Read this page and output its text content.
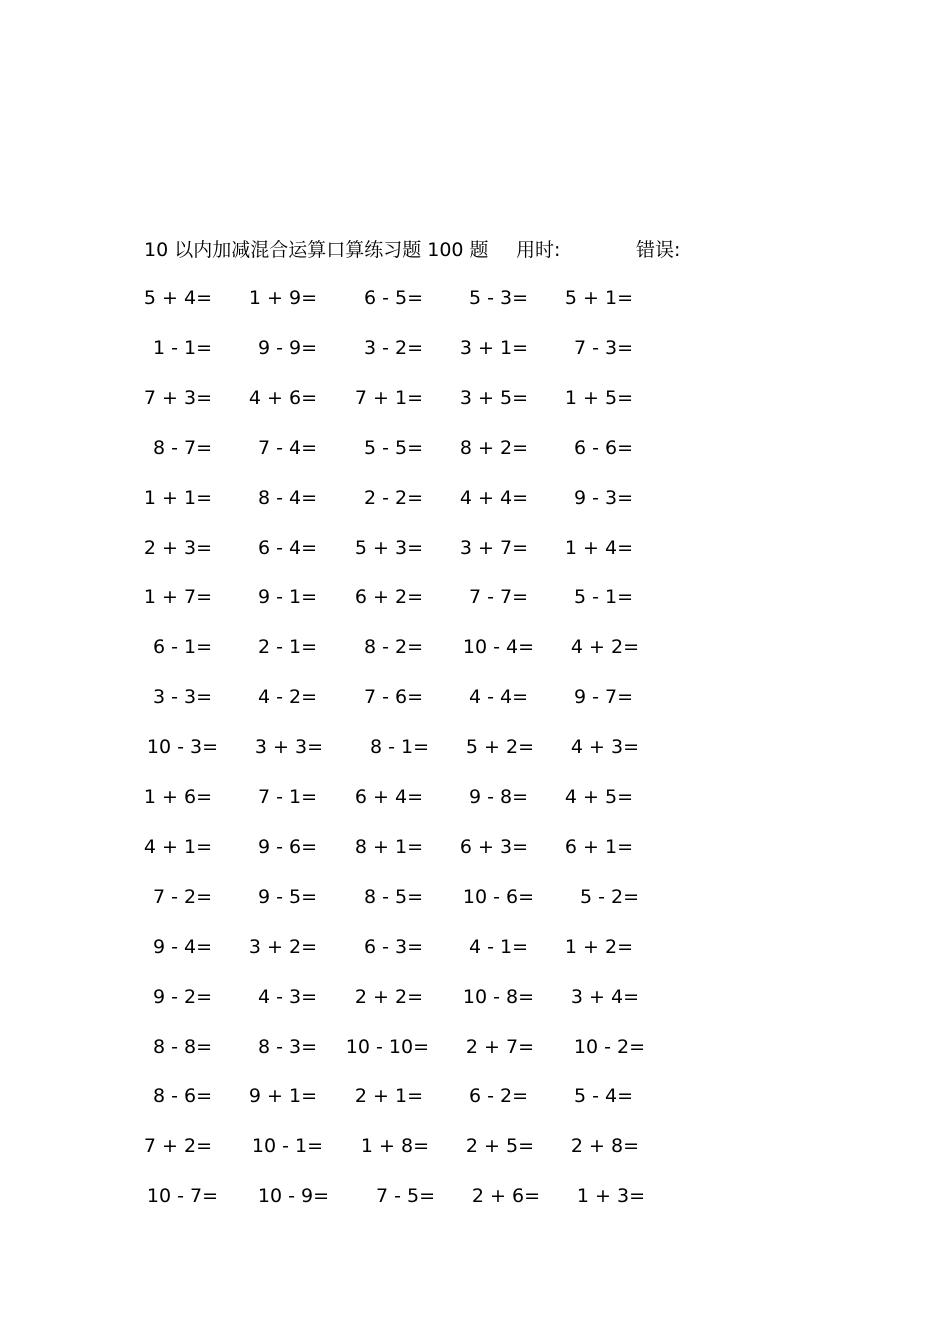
10 以内加减混合运算口算练习题 100 题 用时:	错误:
5 + 4= 1 + 9= 6 - 5= 5 - 3= 5 + 1=
1 - 1= 9 - 9= 3 - 2= 3 + 1= 7 - 3=
7 + 3= 4 + 6= 7 + 1= 3 + 5= 1 + 5=
8 - 7= 7 - 4= 5 - 5= 8 + 2= 6 - 6=
1 + 1= 8 - 4= 2 - 2= 4 + 4= 9 - 3=
2 + 3= 6 - 4= 5 + 3= 3 + 7= 1 + 4=
1 + 7= 9 - 1= 6 + 2= 7 - 7= 5 - 1=
6 - 1= 2 - 1= 8 - 2= 10 - 4= 4 + 2=
3 - 3= 4 - 2= 7 - 6= 4 - 4= 9 - 7=
10 - 3= 3 + 3= 8 - 1= 5 + 2= 4 + 3=
1 + 6= 7 - 1= 6 + 4= 9 - 8= 4 + 5=
4 + 1= 9 - 6= 8 + 1= 6 + 3= 6 + 1=
7 - 2= 9 - 5= 8 - 5= 10 - 6= 5 - 2=
9 - 4= 3 + 2= 6 - 3= 4 - 1= 1 + 2=
9 - 2= 4 - 3= 2 + 2= 10 - 8= 3 + 4=
8 - 8= 8 - 3= 10 - 10= 2 + 7= 10 - 2=
8 - 6= 9 + 1= 2 + 1= 6 - 2= 5 - 4=
7 + 2= 10 - 1= 1 + 8= 2 + 5= 2 + 8=
10 - 7= 10 - 9= 7 - 5= 2 + 6= 1 + 3=
